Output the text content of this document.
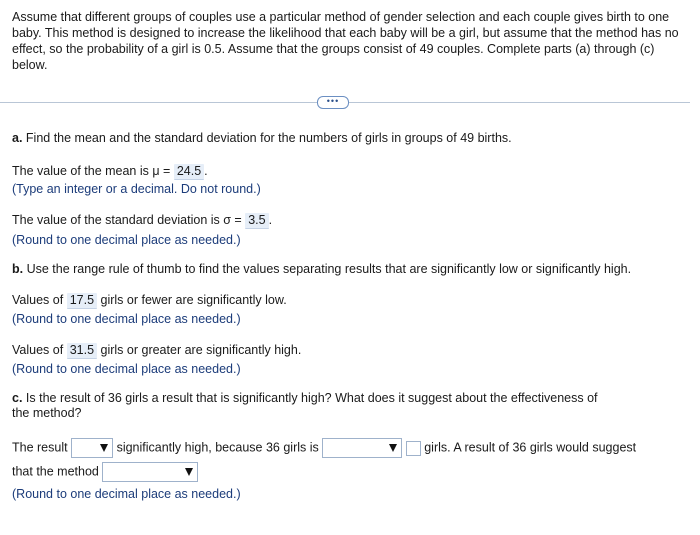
Assume that different groups of couples use a particular method of gender selection and each couple gives birth to one baby. This method is designed to increase the likelihood that each baby will be a girl, but assume that the method has no effect, so the probability of a girl is 0.5. Assume that the groups consist of 49 couples. Complete parts (a) through (c) below.
•••
a. Find the mean and the standard deviation for the numbers of girls in groups of 49 births.
The value of the mean is μ = 24.5 .
(Type an integer or a decimal. Do not round.)
The value of the standard deviation is σ = 3.5 .
(Round to one decimal place as needed.)
b. Use the range rule of thumb to find the values separating results that are significantly low or significantly high.
Values of 17.5 girls or fewer are significantly low.
(Round to one decimal place as needed.)
Values of 31.5 girls or greater are significantly high.
(Round to one decimal place as needed.)
c. Is the result of 36 girls a result that is significantly high? What does it suggest about the effectiveness of
the method?
The result	significantly high, because 36 girls is	girls. A result of 36 girls would suggest
that the method
(Round to one decimal place as needed.)
